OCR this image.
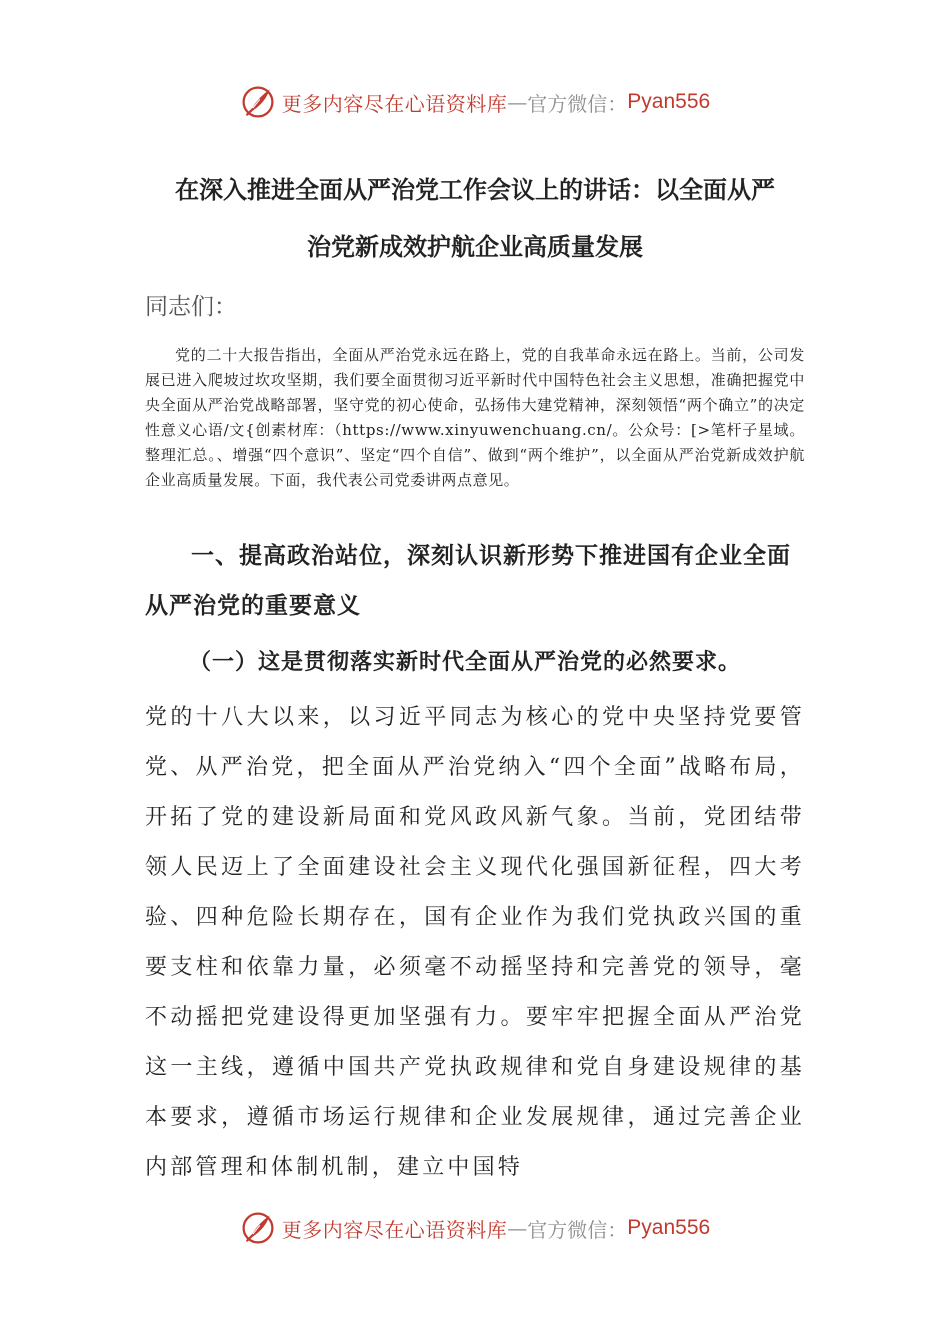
更多内容尽在心语资料库 — 官方微信： Pyan556
在深入推进全面从严治党工作会议上的讲话：以全面从严
治党新成效护航企业高质量发展
同志们：
党的二十大报告指出，全面从严治党永远在路上，党的自我革命永远在路上。当前，公司发展已进入爬坡过坎攻坚期，我们要全面贯彻习近平新时代中国特色社会主义思想，准确把握党中央全面从严治党战略部署，坚守党的初心使命，弘扬伟大建党精神，深刻领悟“两个确立”的决定性意义心语/文{创素材库：（https://www.xinyuwenchuang.cn/。公众号：[>笔杆子星域。整理汇总。、增强“四个意识”、坚定“四个自信”、做到“两个维护”，以全面从严治党新成效护航企业高质量发展。下面，我代表公司党委讲两点意见。
一、提高政治站位，深刻认识新形势下推进国有企业全面从严治党的重要意义
（一）这是贯彻落实新时代全面从严治党的必然要求。
党的十八大以来，以习近平同志为核心的党中央坚持党要管党、从严治党，把全面从严治党纳入“四个全面”战略布局，开拓了党的建设新局面和党风政风新气象。当前，党团结带领人民迈上了全面建设社会主义现代化强国新征程，四大考验、四种危险长期存在，国有企业作为我们党执政兴国的重要支柱和依靠力量，必须毫不动摇坚持和完善党的领导，毫不动摇把党建设得更加坚强有力。要牢牢把握全面从严治党这一主线，遵循中国共产党执政规律和党自身建设规律的基本要求，遵循市场运行规律和企业发展规律，通过完善企业内部管理和体制机制，建立中国特
更多内容尽在心语资料库 — 官方微信： Pyan556
